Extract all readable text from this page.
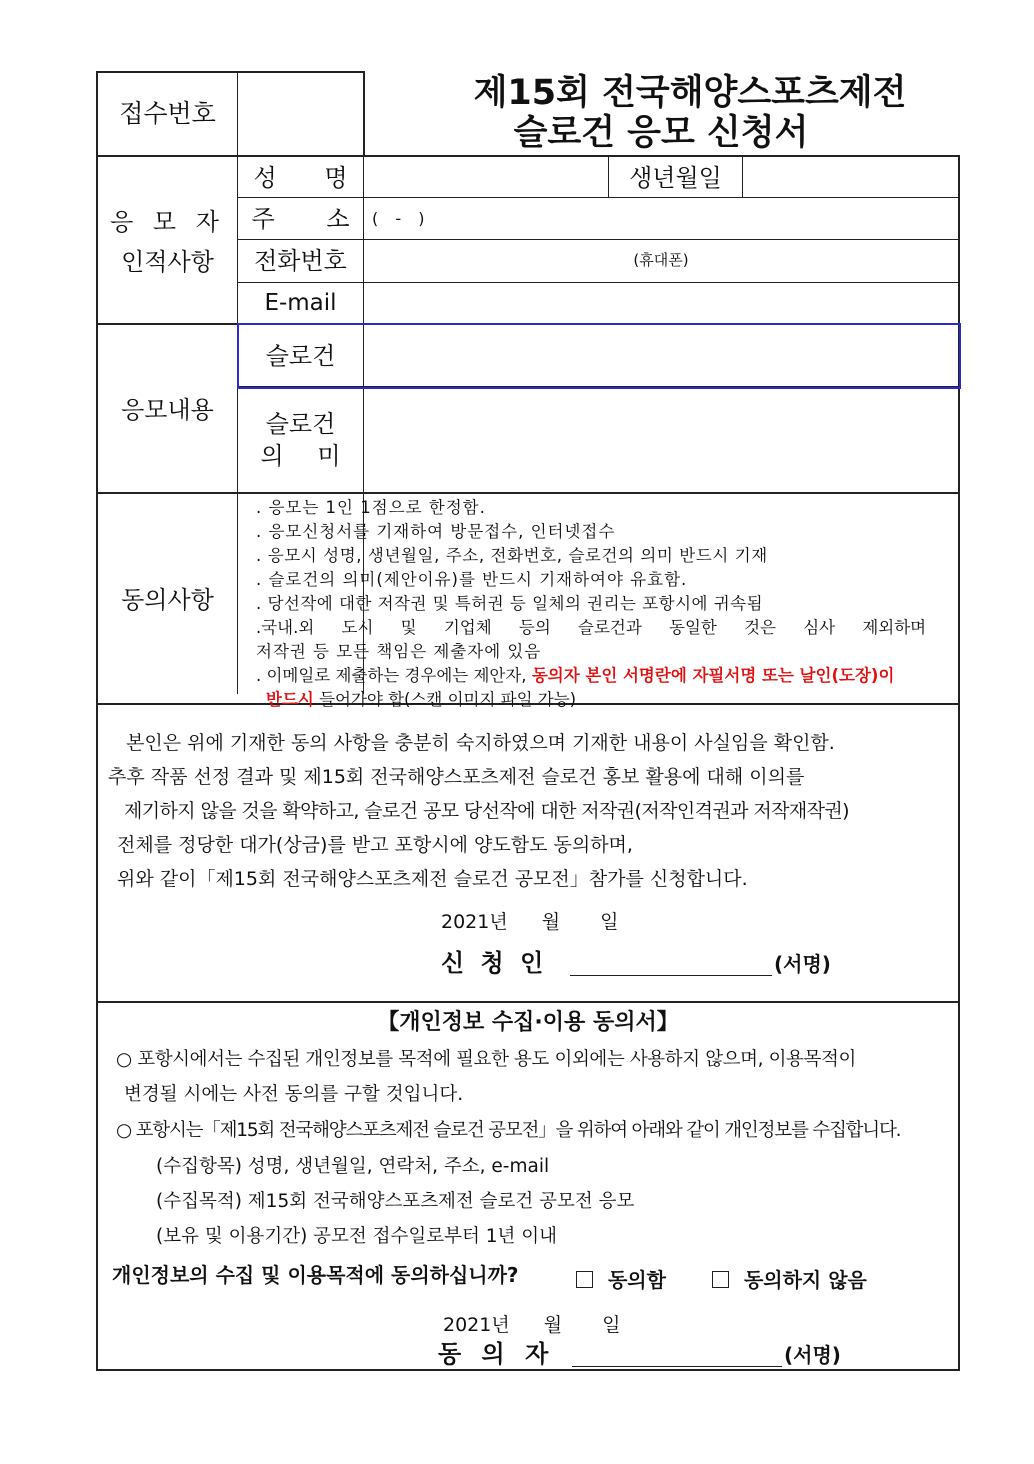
접수번호
제15회 전국해양스포츠제전
슬로건 응모 신청서
응 모 자
인적사항
성 명	생년월일
주 소	( - )
전화번호	(휴대폰)
E-mail
응모내용
슬로건
슬로건
의 미
동의사항
. 응모는 1인 1점으로 한정함.
. 응모신청서를 기재하여 방문접수, 인터넷접수
. 응모시 성명, 생년월일, 주소, 전화번호, 슬로건의 의미 반드시 기재
. 슬로건의 의미(제안이유)를 반드시 기재하여야 유효함.
. 당선작에 대한 저작권 및 특허권 등 일체의 권리는 포항시에 귀속됨
.국내.외 도시 및 기업체 등의 슬로건과 동일한 것은 심사 제외하며
저작권 등 모든 책임은 제출자에 있음
. 이메일로 제출하는 경우에는 제안자, 동의자 본인 서명란에 자필서명 또는 날인(도장)이
반드시 들어가야 함(스캔 이미지 파일 가능)
본인은 위에 기재한 동의 사항을 충분히 숙지하였으며 기재한 내용이 사실임을 확인함.
추후 작품 선정 결과 및 제15회 전국해양스포츠제전 슬로건 홍보 활용에 대해 이의를
제기하지 않을 것을 확약하고, 슬로건 공모 당선작에 대한 저작권(저작인격권과 저작재작권)
전체를 정당한 대가(상금)를 받고 포항시에 양도함도 동의하며,
위와 같이「제15회 전국해양스포츠제전 슬로건 공모전」참가를 신청합니다.
2021년 월 일
신 청 인	(서명)
【개인정보 수집·이용 동의서】
○ 포항시에서는 수집된 개인정보를 목적에 필요한 용도 이외에는 사용하지 않으며, 이용목적이
변경될 시에는 사전 동의를 구할 것입니다.
○ 포항시는「제15회 전국해양스포츠제전 슬로건 공모전」을 위하여 아래와 같이 개인정보를 수집합니다.
(수집항목) 성명, 생년월일, 연락처, 주소, e-mail
(수집목적) 제15회 전국해양스포츠제전 슬로건 공모전 응모
(보유 및 이용기간) 공모전 접수일로부터 1년 이내
개인정보의 수집 및 이용목적에 동의하십니까?	동의함	동의하지 않음
2021년 월 일
동 의 자	(서명)
